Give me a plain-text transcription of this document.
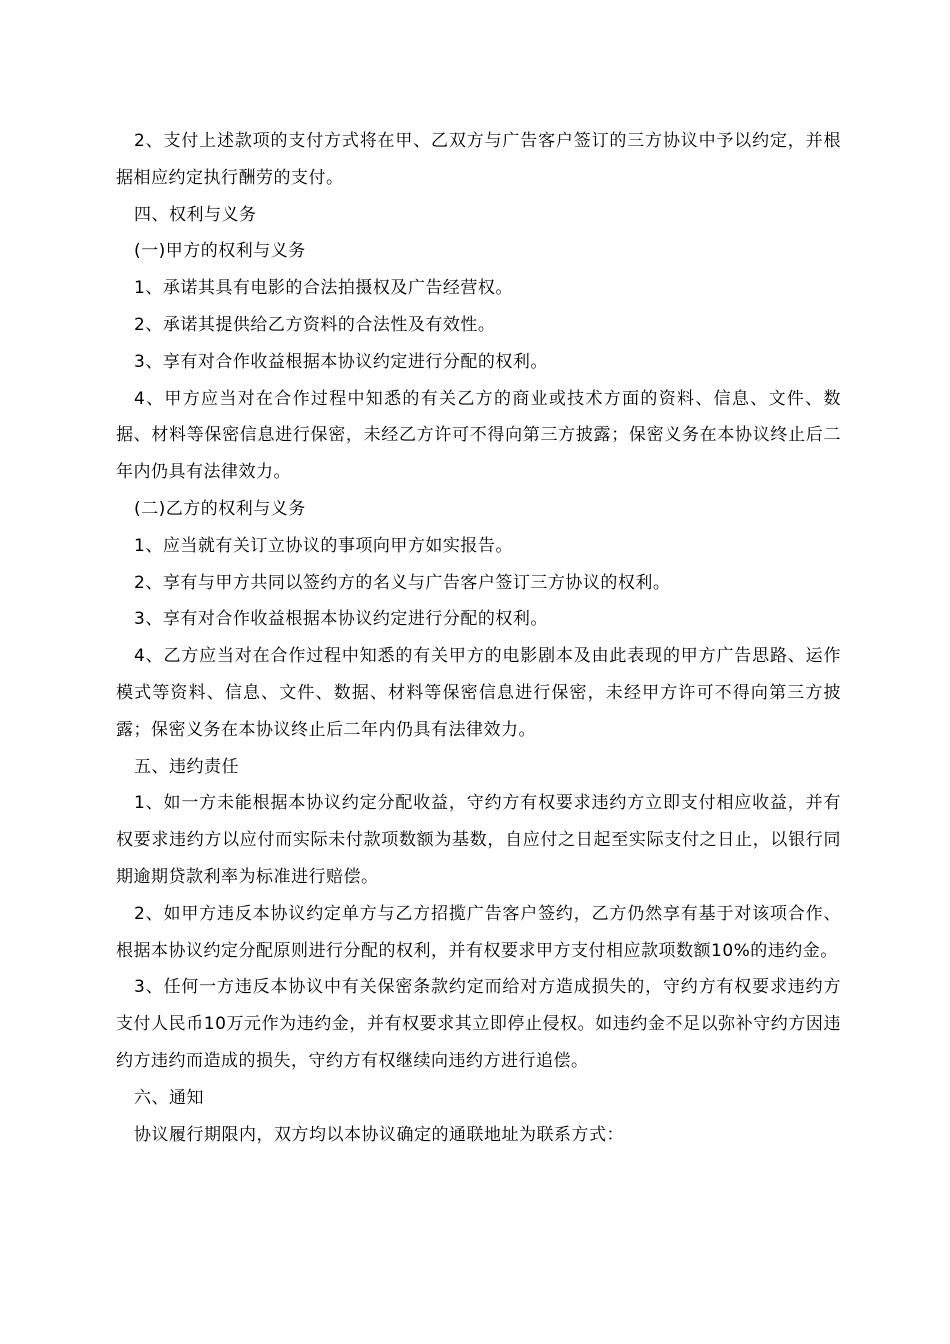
2、支付上述款项的支付方式将在甲、乙双方与广告客户签订的三方协议中予以约定，并根据相应约定执行酬劳的支付。

四、权利与义务

(一)甲方的权利与义务

1、承诺其具有电影的合法拍摄权及广告经营权。

2、承诺其提供给乙方资料的合法性及有效性。

3、享有对合作收益根据本协议约定进行分配的权利。

4、甲方应当对在合作过程中知悉的有关乙方的商业或技术方面的资料、信息、文件、数据、材料等保密信息进行保密，未经乙方许可不得向第三方披露；保密义务在本协议终止后二年内仍具有法律效力。

(二)乙方的权利与义务

1、应当就有关订立协议的事项向甲方如实报告。

2、享有与甲方共同以签约方的名义与广告客户签订三方协议的权利。

3、享有对合作收益根据本协议约定进行分配的权利。

4、乙方应当对在合作过程中知悉的有关甲方的电影剧本及由此表现的甲方广告思路、运作模式等资料、信息、文件、数据、材料等保密信息进行保密，未经甲方许可不得向第三方披露；保密义务在本协议终止后二年内仍具有法律效力。

五、违约责任

1、如一方未能根据本协议约定分配收益，守约方有权要求违约方立即支付相应收益，并有权要求违约方以应付而实际未付款项数额为基数，自应付之日起至实际支付之日止，以银行同期逾期贷款利率为标准进行赔偿。

2、如甲方违反本协议约定单方与乙方招揽广告客户签约，乙方仍然享有基于对该项合作、根据本协议约定分配原则进行分配的权利，并有权要求甲方支付相应款项数额10%的违约金。

3、任何一方违反本协议中有关保密条款约定而给对方造成损失的，守约方有权要求违约方支付人民币10万元作为违约金，并有权要求其立即停止侵权。如违约金不足以弥补守约方因违约方违约而造成的损失，守约方有权继续向违约方进行追偿。

六、通知

协议履行期限内，双方均以本协议确定的通联地址为联系方式：
